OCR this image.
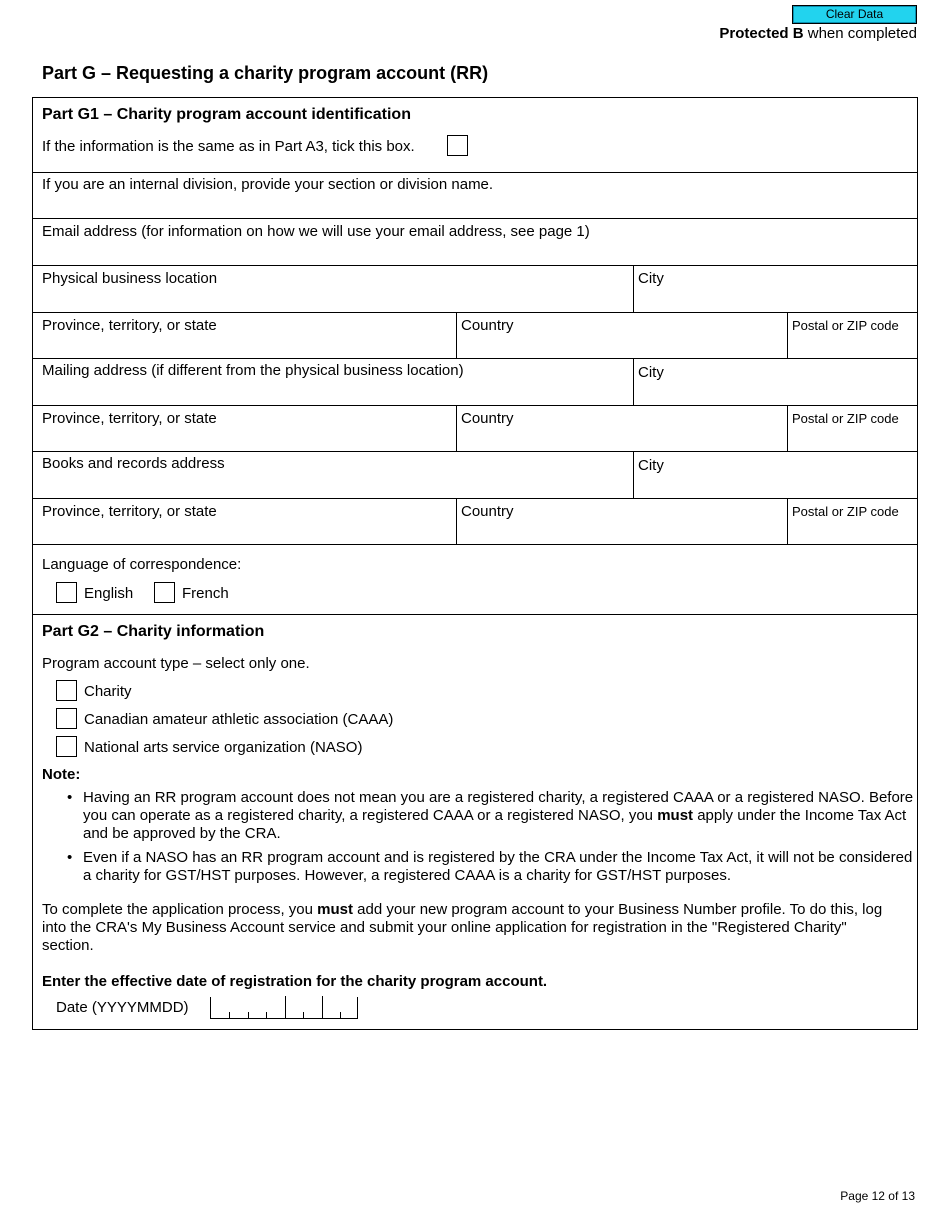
Clear Data
Protected B when completed
Part G – Requesting a charity program account (RR)
Part G1 – Charity program account identification
If the information is the same as in Part A3, tick this box.
If you are an internal division, provide your section or division name.
Email address (for information on how we will use your email address, see page 1)
Physical business location	City
Province, territory, or state	Country	Postal or ZIP code
Mailing address (if different from the physical business location)	City
Province, territory, or state	Country	Postal or ZIP code
Books and records address	City
Province, territory, or state	Country	Postal or ZIP code
Language of correspondence:
English	French
Part G2 – Charity information
Program account type – select only one.
Charity
Canadian amateur athletic association (CAAA)
National arts service organization (NASO)
Note:
• Having an RR program account does not mean you are a registered charity, a registered CAAA or a registered NASO. Before you can operate as a registered charity, a registered CAAA or a registered NASO, you must apply under the Income Tax Act and be approved by the CRA.
• Even if a NASO has an RR program account and is registered by the CRA under the Income Tax Act, it will not be considered a charity for GST/HST purposes. However, a registered CAAA is a charity for GST/HST purposes.
To complete the application process, you must add your new program account to your Business Number profile. To do this, log into the CRA's My Business Account service and submit your online application for registration in the "Registered Charity" section.
Enter the effective date of registration for the charity program account.
Date (YYYYMMDD)
Page 12 of 13
